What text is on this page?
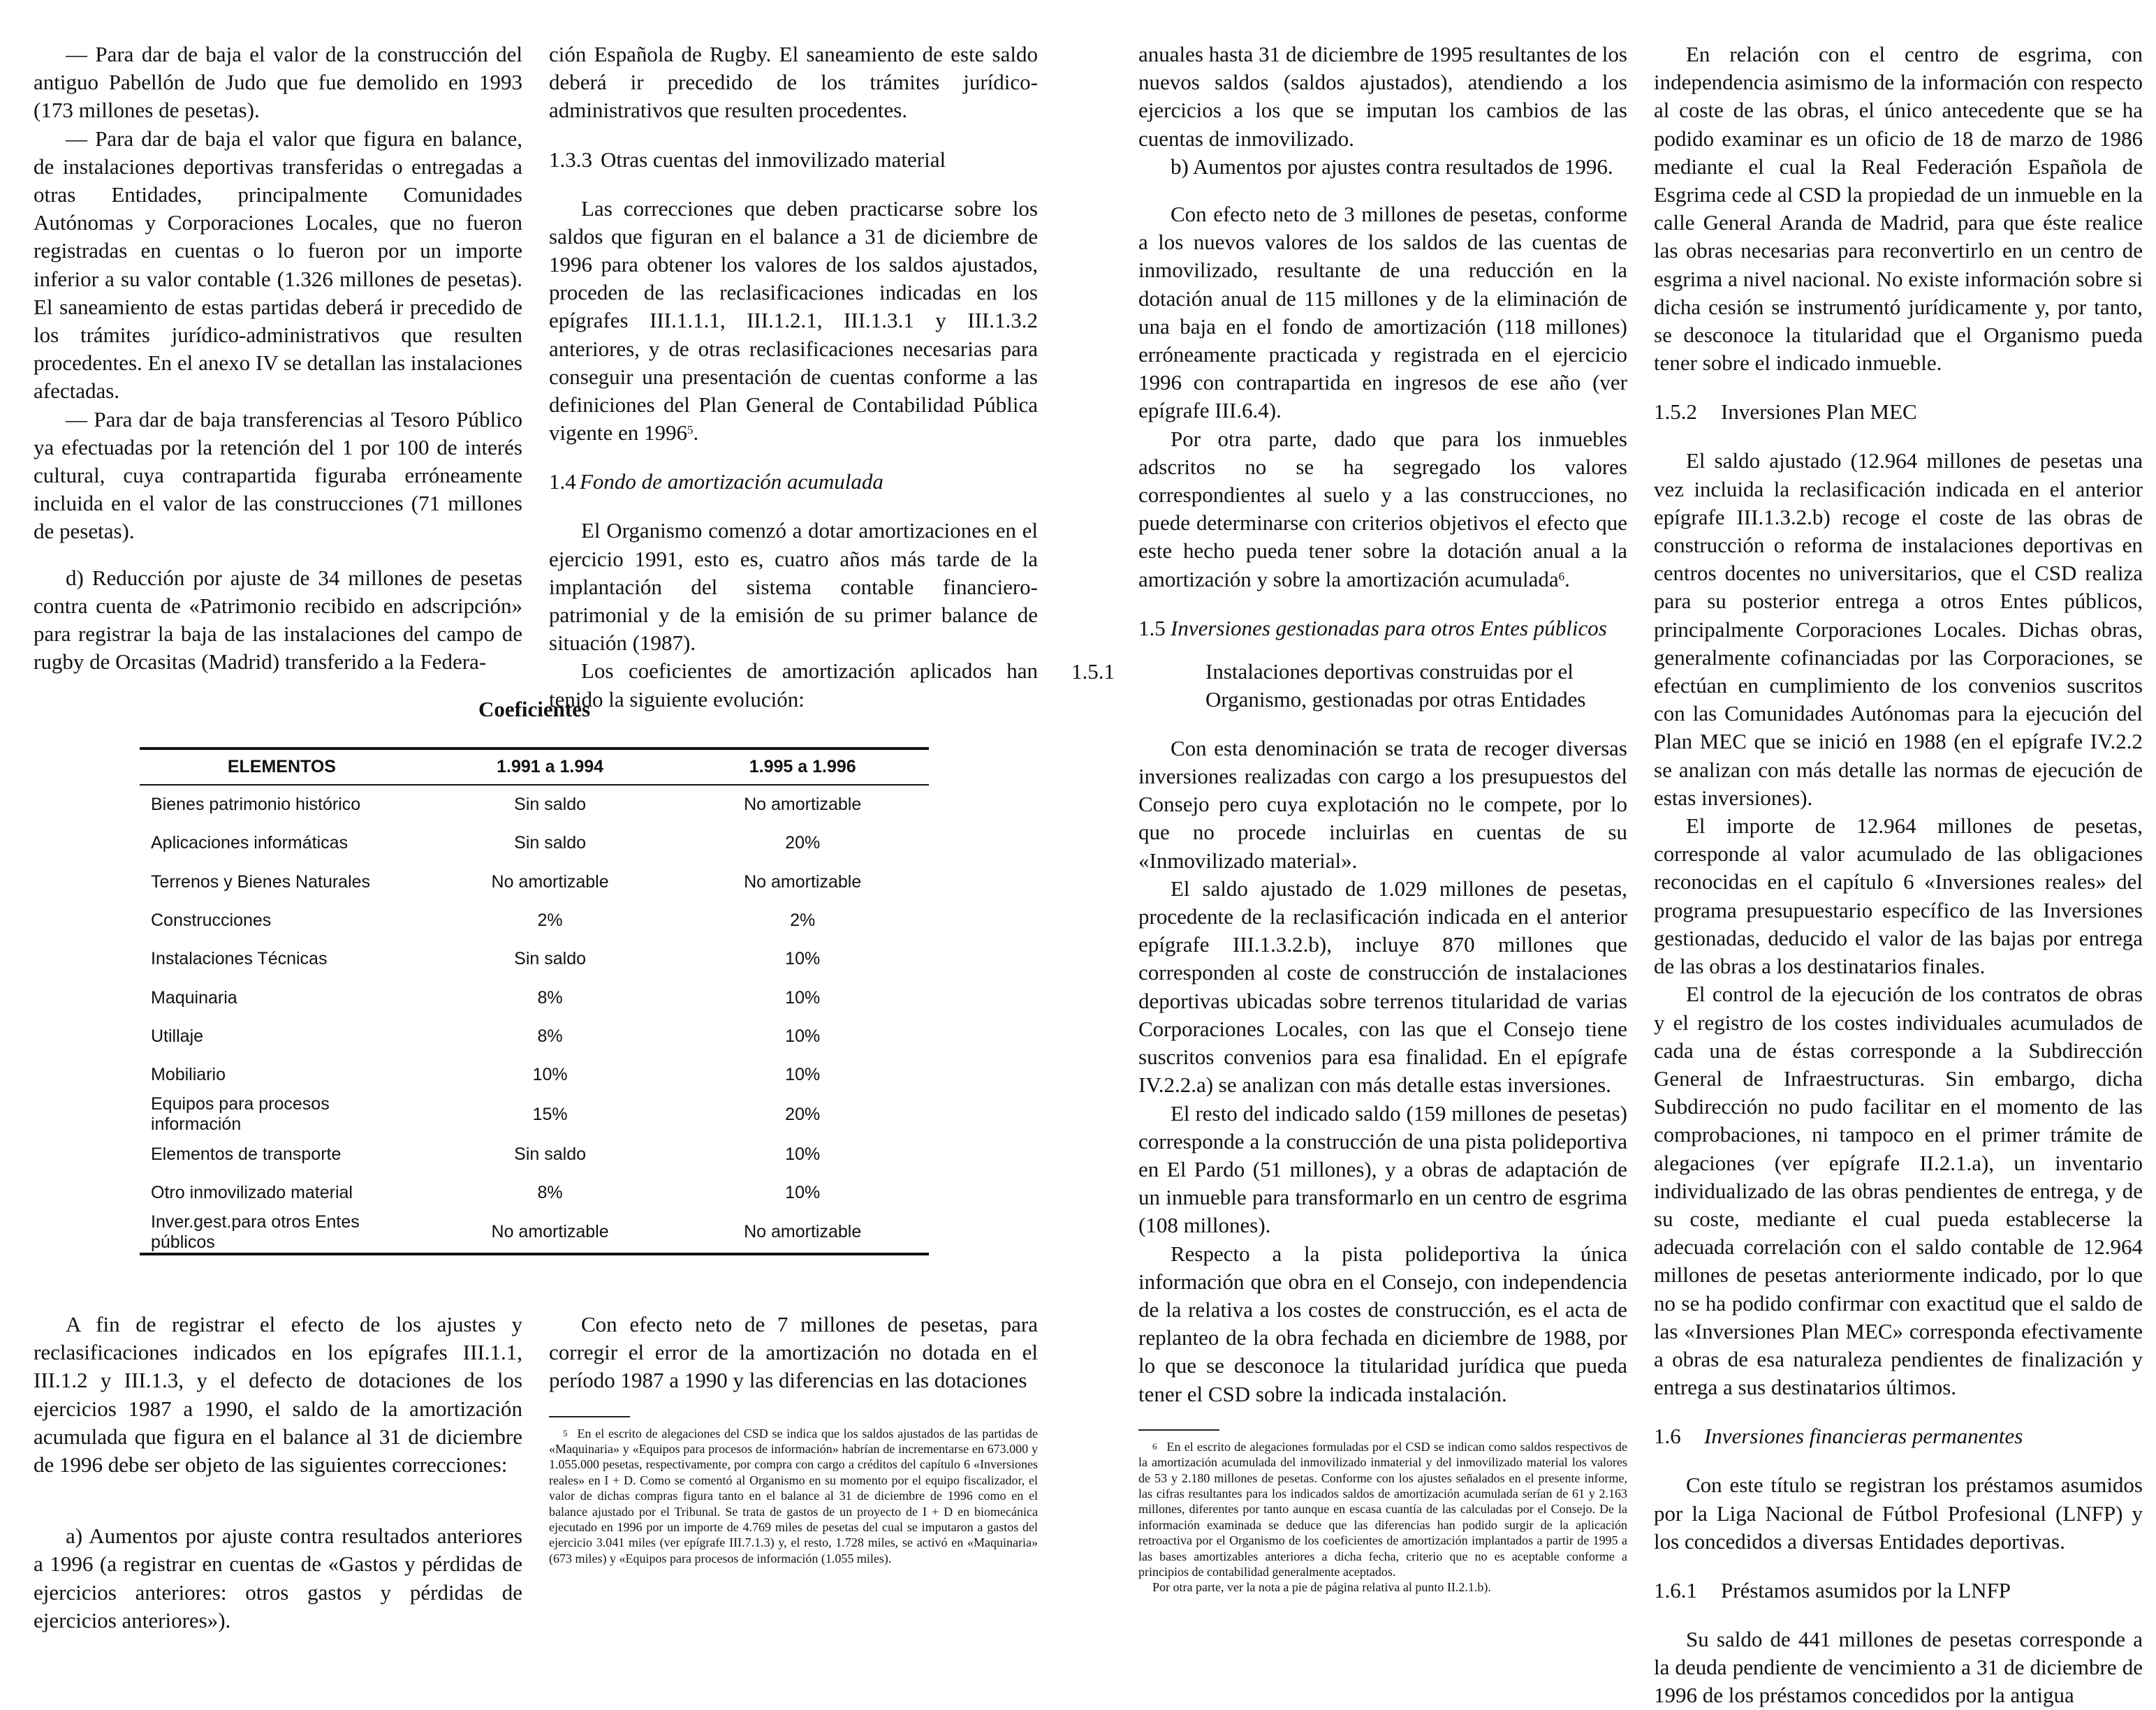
— Para dar de baja el valor de la construcción del antiguo Pabellón de Judo que fue demolido en 1993 (173 millones de pesetas).

— Para dar de baja el valor que figura en balance, de instalaciones deportivas transferidas o entregadas a otras Entidades, principalmente Comunidades Autónomas y Corporaciones Locales, que no fueron registradas en cuentas o lo fueron por un importe inferior a su valor contable (1.326 millones de pesetas). El saneamiento de estas partidas deberá ir precedido de los trámites jurídico-administrativos que resulten procedentes. En el anexo IV se detallan las instalaciones afectadas.

— Para dar de baja transferencias al Tesoro Público ya efectuadas por la retención del 1 por 100 de interés cultural, cuya contrapartida figuraba erróneamente incluida en el valor de las construcciones (71 millones de pesetas).

d) Reducción por ajuste de 34 millones de pesetas contra cuenta de «Patrimonio recibido en adscripción» para registrar la baja de las instalaciones del campo de rugby de Orcasitas (Madrid) transferido a la Federa-

ción Española de Rugby. El saneamiento de este saldo deberá ir precedido de los trámites jurídico-administrativos que resulten procedentes.

1.3.3 Otras cuentas del inmovilizado material

Las correcciones que deben practicarse sobre los saldos que figuran en el balance a 31 de diciembre de 1996 para obtener los valores de los saldos ajustados, proceden de las reclasificaciones indicadas en los epígrafes III.1.1.1, III.1.2.1, III.1.3.1 y III.1.3.2 anteriores, y de otras reclasificaciones necesarias para conseguir una presentación de cuentas conforme a las definiciones del Plan General de Contabilidad Pública vigente en 1996$^5$.

1.4 Fondo de amortización acumulada

El Organismo comenzó a dotar amortizaciones en el ejercicio 1991, esto es, cuatro años más tarde de la implantación del sistema contable financiero-patrimonial y de la emisión de su primer balance de situación (1987).

Los coeficientes de amortización aplicados han tenido la siguiente evolución:

Coeficientes
ELEMENTOS	1.991 a 1.994	1.995 a 1.996
Bienes patrimonio histórico	Sin saldo	No amortizable
Aplicaciones informáticas	Sin saldo	20%
Terrenos y Bienes Naturales	No amortizable	No amortizable
Construcciones	2%	2%
Instalaciones Técnicas	Sin saldo	10%
Maquinaria	8%	10%
Utillaje	8%	10%
Mobiliario	10%	10%
Equipos para procesos información	15%	20%
Elementos de transporte	Sin saldo	10%
Otro inmovilizado material	8%	10%
Inver.gest.para otros Entes públicos	No amortizable	No amortizable

A fin de registrar el efecto de los ajustes y reclasificaciones indicados en los epígrafes III.1.1, III.1.2 y III.1.3, y el defecto de dotaciones de los ejercicios 1987 a 1990, el saldo de la amortización acumulada que figura en el balance al 31 de diciembre de 1996 debe ser objeto de las siguientes correcciones:

a) Aumentos por ajuste contra resultados anteriores a 1996 (a registrar en cuentas de «Gastos y pérdidas de ejercicios anteriores: otros gastos y pérdidas de ejercicios anteriores»).

Con efecto neto de 7 millones de pesetas, para corregir el error de la amortización no dotada en el período 1987 a 1990 y las diferencias en las dotaciones

$^5$ En el escrito de alegaciones del CSD se indica que los saldos ajustados de las partidas de «Maquinaria» y «Equipos para procesos de información» habrían de incrementarse en 673.000 y 1.055.000 pesetas, respectivamente, por compra con cargo a créditos del capítulo 6 «Inversiones reales» en I + D. Como se comentó al Organismo en su momento por el equipo fiscalizador, el valor de dichas compras figura tanto en el balance al 31 de diciembre de 1996 como en el balance ajustado por el Tribunal. Se trata de gastos de un proyecto de I + D en biomecánica ejecutado en 1996 por un importe de 4.769 miles de pesetas del cual se imputaron a gastos del ejercicio 3.041 miles (ver epígrafe III.7.1.3) y, el resto, 1.728 miles, se activó en «Maquinaria» (673 miles) y «Equipos para procesos de información (1.055 miles).

anuales hasta 31 de diciembre de 1995 resultantes de los nuevos saldos (saldos ajustados), atendiendo a los ejercicios a los que se imputan los cambios de las cuentas de inmovilizado.

b) Aumentos por ajustes contra resultados de 1996.

Con efecto neto de 3 millones de pesetas, conforme a los nuevos valores de los saldos de las cuentas de inmovilizado, resultante de una reducción en la dotación anual de 115 millones y de la eliminación de una baja en el fondo de amortización (118 millones) erróneamente practicada y registrada en el ejercicio 1996 con contrapartida en ingresos de ese año (ver epígrafe III.6.4).

Por otra parte, dado que para los inmuebles adscritos no se ha segregado los valores correspondientes al suelo y a las construcciones, no puede determinarse con criterios objetivos el efecto que este hecho pueda tener sobre la dotación anual a la amortización y sobre la amortización acumulada$^6$.

1.5 Inversiones gestionadas para otros Entes públicos
1.5.1	Instalaciones deportivas construidas por el Organismo, gestionadas por otras Entidades

Con esta denominación se trata de recoger diversas inversiones realizadas con cargo a los presupuestos del Consejo pero cuya explotación no le compete, por lo que no procede incluirlas en cuentas de su «Inmovilizado material».

El saldo ajustado de 1.029 millones de pesetas, procedente de la reclasificación indicada en el anterior epígrafe III.1.3.2.b), incluye 870 millones que corresponden al coste de construcción de instalaciones deportivas ubicadas sobre terrenos titularidad de varias Corporaciones Locales, con las que el Consejo tiene suscritos convenios para esa finalidad. En el epígrafe IV.2.2.a) se analizan con más detalle estas inversiones.

El resto del indicado saldo (159 millones de pesetas) corresponde a la construcción de una pista polideportiva en El Pardo (51 millones), y a obras de adaptación de un inmueble para transformarlo en un centro de esgrima (108 millones).

Respecto a la pista polideportiva la única información que obra en el Consejo, con independencia de la relativa a los costes de construcción, es el acta de replanteo de la obra fechada en diciembre de 1988, por lo que se desconoce la titularidad jurídica que pueda tener el CSD sobre la indicada instalación.

$^6$ En el escrito de alegaciones formuladas por el CSD se indican como saldos respectivos de la amortización acumulada del inmovilizado inmaterial y del inmovilizado material los valores de 53 y 2.180 millones de pesetas. Conforme con los ajustes señalados en el presente informe, las cifras resultantes para los indicados saldos de amortización acumulada serían de 61 y 2.163 millones, diferentes por tanto aunque en escasa cuantía de las calculadas por el Consejo. De la información examinada se deduce que las diferencias han podido surgir de la aplicación retroactiva por el Organismo de los coeficientes de amortización implantados a partir de 1995 a las bases amortizables anteriores a dicha fecha, criterio que no es aceptable conforme a principios de contabilidad generalmente aceptados.

Por otra parte, ver la nota a pie de página relativa al punto II.2.1.b).

En relación con el centro de esgrima, con independencia asimismo de la información con respecto al coste de las obras, el único antecedente que se ha podido examinar es un oficio de 18 de marzo de 1986 mediante el cual la Real Federación Española de Esgrima cede al CSD la propiedad de un inmueble en la calle General Aranda de Madrid, para que éste realice las obras necesarias para reconvertirlo en un centro de esgrima a nivel nacional. No existe información sobre si dicha cesión se instrumentó jurídicamente y, por tanto, se desconoce la titularidad que el Organismo pueda tener sobre el indicado inmueble.

1.5.2 Inversiones Plan MEC

El saldo ajustado (12.964 millones de pesetas una vez incluida la reclasificación indicada en el anterior epígrafe III.1.3.2.b) recoge el coste de las obras de construcción o reforma de instalaciones deportivas en centros docentes no universitarios, que el CSD realiza para su posterior entrega a otros Entes públicos, principalmente Corporaciones Locales. Dichas obras, generalmente cofinanciadas por las Corporaciones, se efectúan en cumplimiento de los convenios suscritos con las Comunidades Autónomas para la ejecución del Plan MEC que se inició en 1988 (en el epígrafe IV.2.2 se analizan con más detalle las normas de ejecución de estas inversiones).

El importe de 12.964 millones de pesetas, corresponde al valor acumulado de las obligaciones reconocidas en el capítulo 6 «Inversiones reales» del programa presupuestario específico de las Inversiones gestionadas, deducido el valor de las bajas por entrega de las obras a los destinatarios finales.

El control de la ejecución de los contratos de obras y el registro de los costes individuales acumulados de cada una de éstas corresponde a la Subdirección General de Infraestructuras. Sin embargo, dicha Subdirección no pudo facilitar en el momento de las comprobaciones, ni tampoco en el primer trámite de alegaciones (ver epígrafe II.2.1.a), un inventario individualizado de las obras pendientes de entrega, y de su coste, mediante el cual pueda establecerse la adecuada correlación con el saldo contable de 12.964 millones de pesetas anteriormente indicado, por lo que no se ha podido confirmar con exactitud que el saldo de las «Inversiones Plan MEC» corresponda efectivamente a obras de esa naturaleza pendientes de finalización y entrega a sus destinatarios últimos.

1.6 Inversiones financieras permanentes

Con este título se registran los préstamos asumidos por la Liga Nacional de Fútbol Profesional (LNFP) y los concedidos a diversas Entidades deportivas.

1.6.1 Préstamos asumidos por la LNFP

Su saldo de 441 millones de pesetas corresponde a la deuda pendiente de vencimiento a 31 de diciembre de 1996 de los préstamos concedidos por la antigua
